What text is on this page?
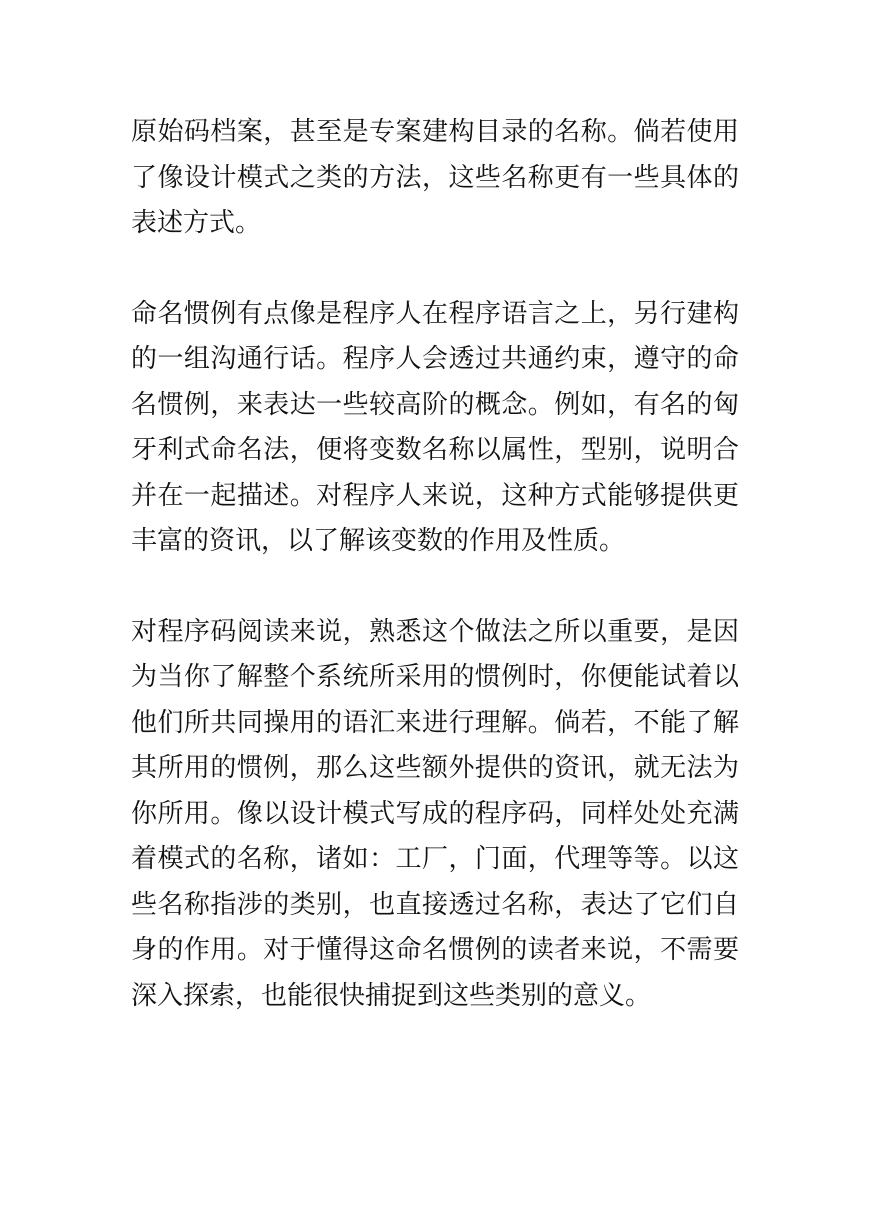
原始码档案，甚至是专案建构目录的名称。倘若使用了像设计模式之类的方法，这些名称更有一些具体的表述方式。

命名惯例有点像是程序人在程序语言之上，另行建构的一组沟通行话。程序人会透过共通约束，遵守的命名惯例，来表达一些较高阶的概念。例如，有名的匈牙利式命名法，便将变数名称以属性，型别，说明合并在一起描述。对程序人来说，这种方式能够提供更丰富的资讯，以了解该变数的作用及性质。

对程序码阅读来说，熟悉这个做法之所以重要，是因为当你了解整个系统所采用的惯例时，你便能试着以他们所共同操用的语汇来进行理解。倘若，不能了解其所用的惯例，那么这些额外提供的资讯，就无法为你所用。像以设计模式写成的程序码，同样处处充满着模式的名称，诸如：工厂，门面，代理等等。以这些名称指涉的类别，也直接透过名称，表达了它们自身的作用。对于懂得这命名惯例的读者来说，不需要深入探索，也能很快捕捉到这些类别的意义。
